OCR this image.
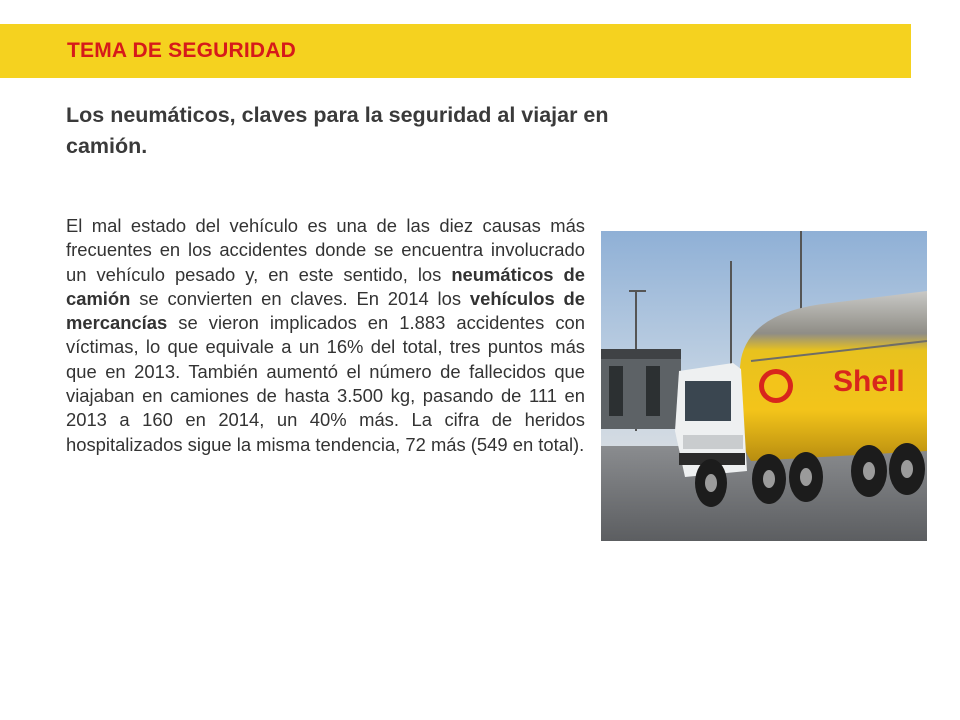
TEMA DE SEGURIDAD
Los neumáticos, claves para la seguridad al viajar en camión.
El mal estado del vehículo es una de las diez causas más frecuentes en los accidentes donde se encuentra involucrado un vehículo pesado y, en este sentido, los neumáticos de camión se convierten en claves. En 2014 los vehículos de mercancías se vieron implicados en 1.883 accidentes con víctimas, lo que equivale a un 16% del total, tres puntos más que en 2013. También aumentó el número de fallecidos que viajaban en camiones de hasta 3.500 kg, pasando de 111 en 2013 a 160 en 2014, un 40% más. La cifra de heridos hospitalizados sigue la misma tendencia, 72 más (549 en total).
Shell
